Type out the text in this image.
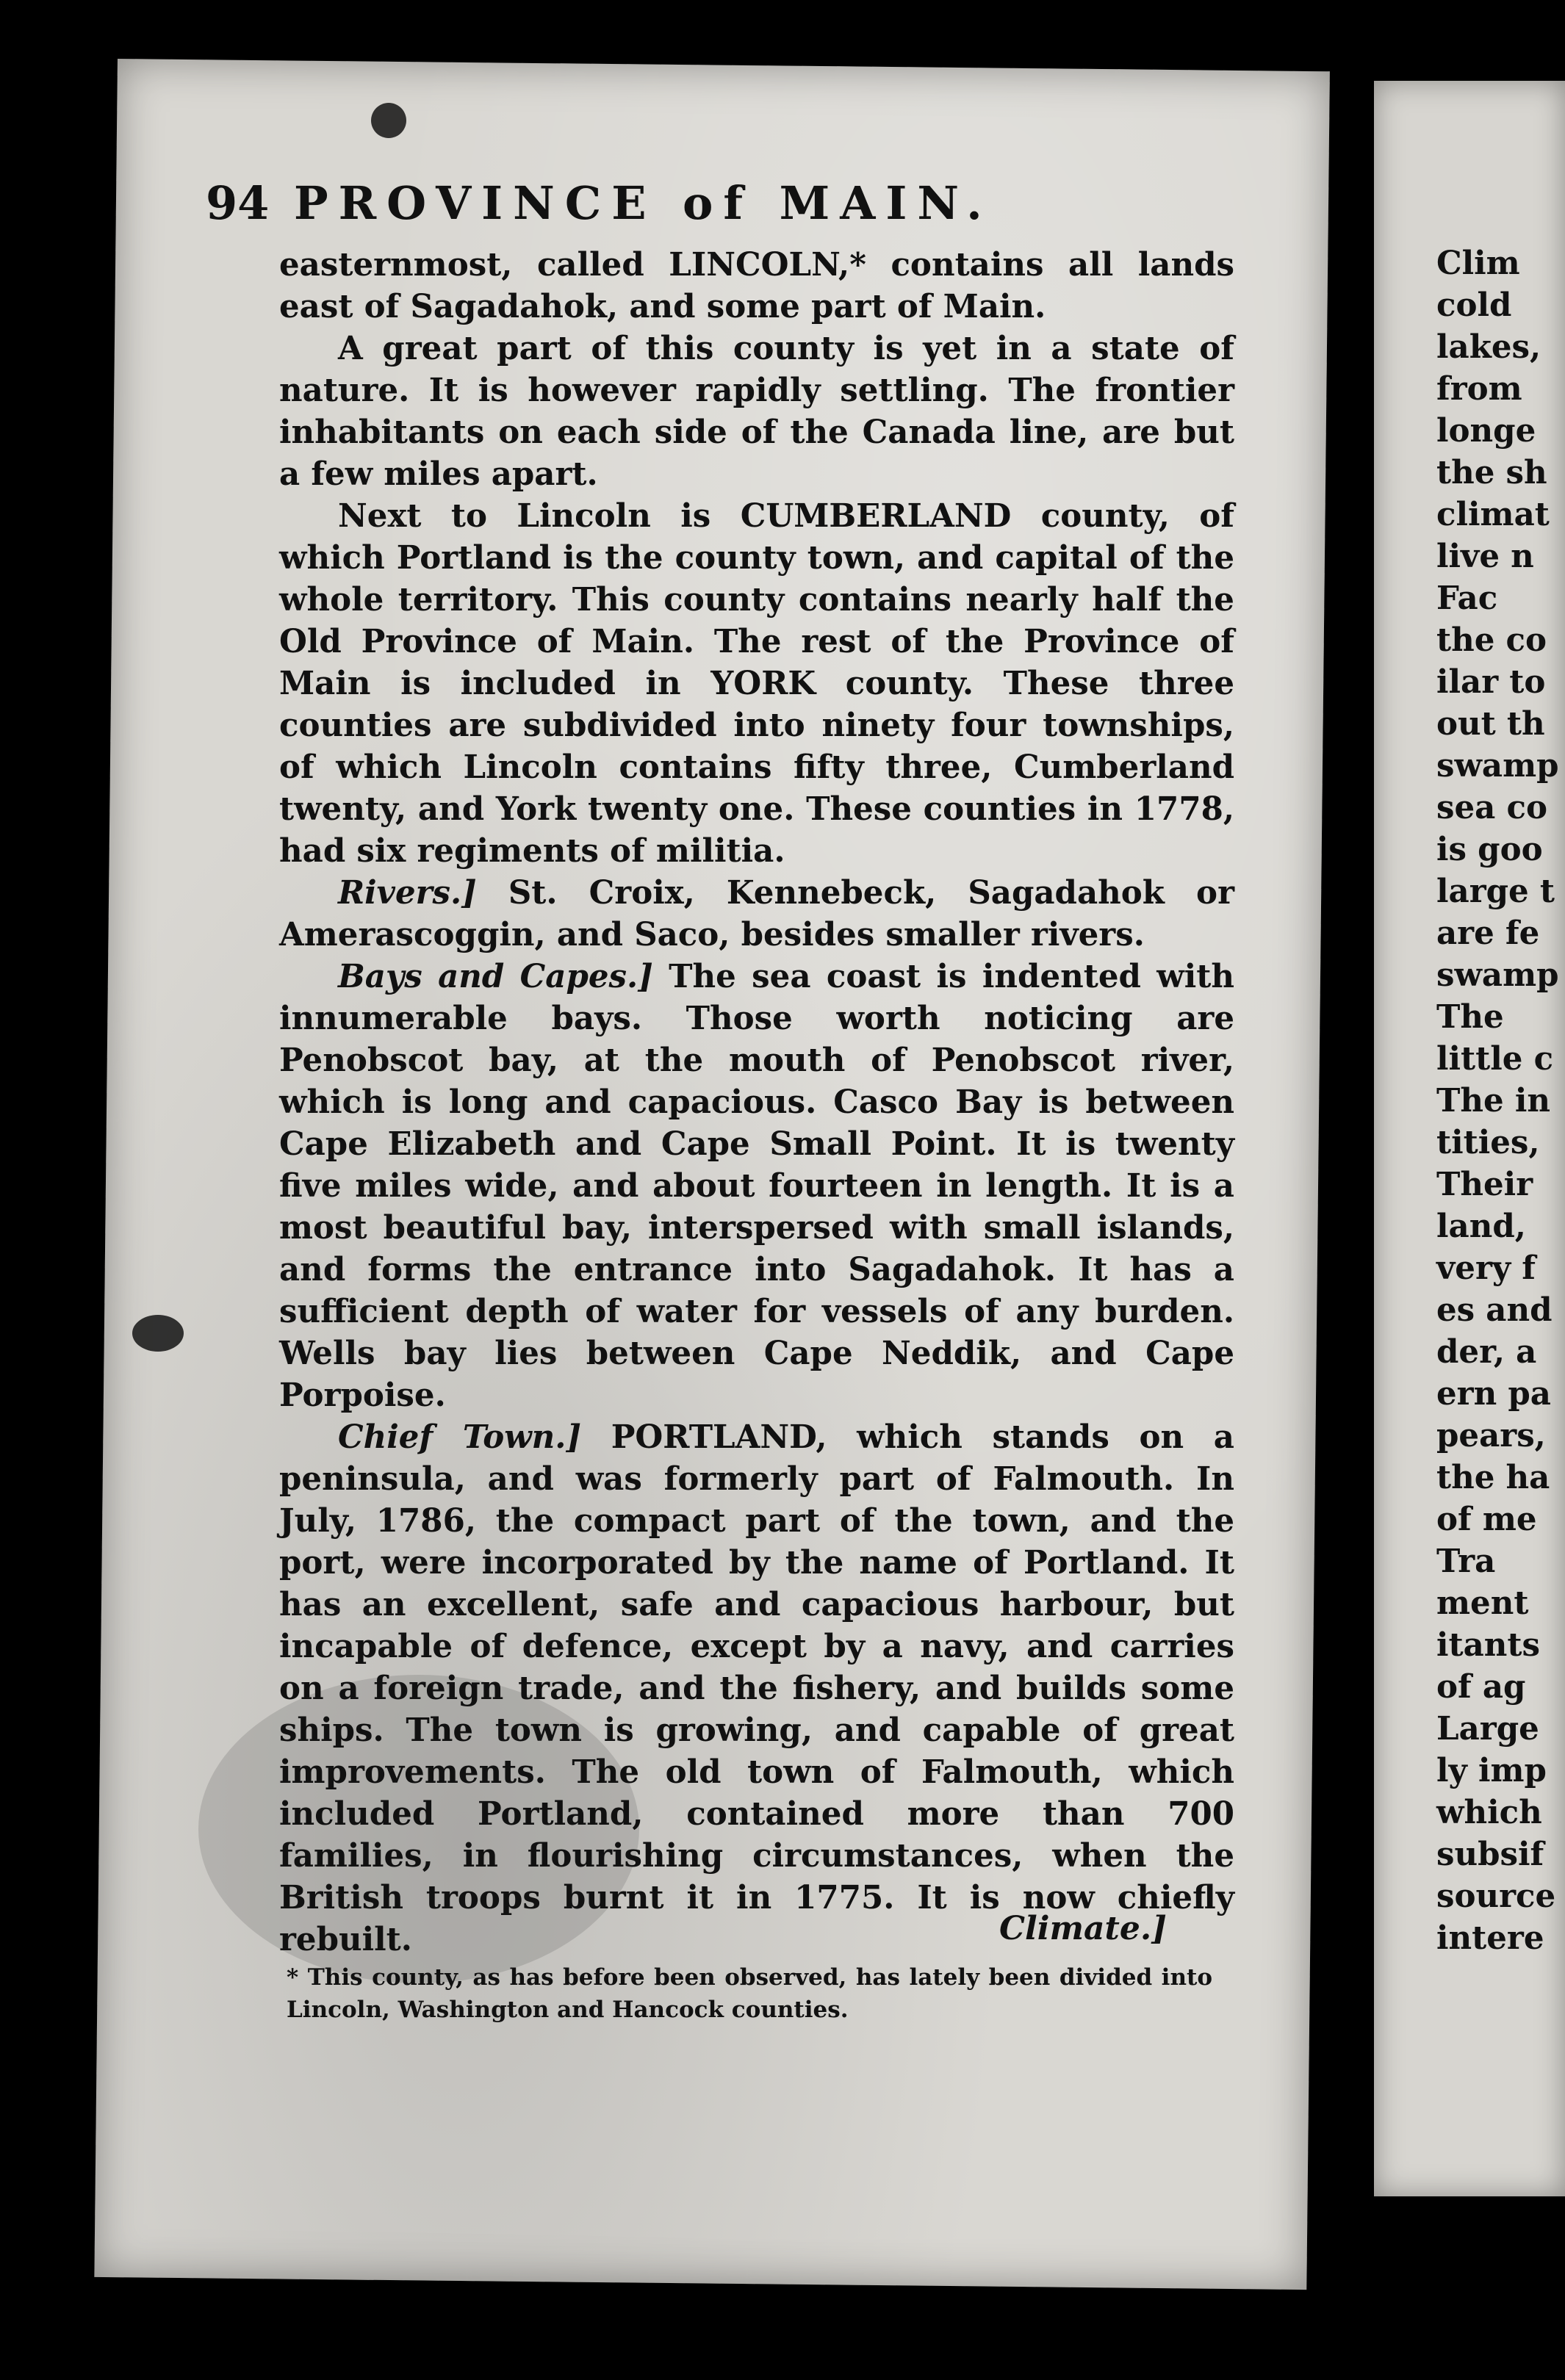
Clim
cold
lakes,
from
longe
the sh
climat
live n
Fac
the co
ilar to
out th
swamp
sea co
is goo
large t
are fe
swamp
The
little c
The in
tities,
Their
land,
very f
es and
der, a
ern pa
pears,
the ha
of me
Tra
ment
itants
of ag
Large
ly imp
which
subsif
source
intere
94 PROVINCE of MAIN.

easternmost, called LINCOLN,* contains all lands east of Sagadahok, and some part of Main.

A great part of this county is yet in a state of nature. It is however rapidly settling. The frontier inhabitants on each side of the Canada line, are but a few miles apart.

Next to Lincoln is CUMBERLAND county, of which Portland is the county town, and capital of the whole territory. This county contains nearly half the Old Province of Main. The rest of the Province of Main is included in YORK county. These three counties are subdivided into ninety four townships, of which Lincoln contains fifty three, Cumberland twenty, and York twenty one. These counties in 1778, had six regiments of militia.

Rivers.] St. Croix, Kennebeck, Sagadahok or Amerascoggin, and Saco, besides smaller rivers.

Bays and Capes.] The sea coast is indented with innumerable bays. Those worth noticing are Penobscot bay, at the mouth of Penobscot river, which is long and capacious. Casco Bay is between Cape Elizabeth and Cape Small Point. It is twenty five miles wide, and about fourteen in length. It is a most beautiful bay, interspersed with small islands, and forms the entrance into Sagadahok. It has a sufficient depth of water for vessels of any burden. Wells bay lies between Cape Neddik, and Cape Porpoise.

Chief Town.] PORTLAND, which stands on a peninsula, and was formerly part of Falmouth. In July, 1786, the compact part of the town, and the port, were incorporated by the name of Portland. It has an excellent, safe and capacious harbour, but incapable of defence, except by a navy, and carries on a foreign trade, and the fishery, and builds some ships. The town is growing, and capable of great improvements. The old town of Falmouth, which included Portland, contained more than 700 families, in flourishing circumstances, when the British troops burnt it in 1775. It is now chiefly rebuilt.	Climate.]
* This county, as has before been observed, has lately been divided into Lincoln, Washington and Hancock counties.
